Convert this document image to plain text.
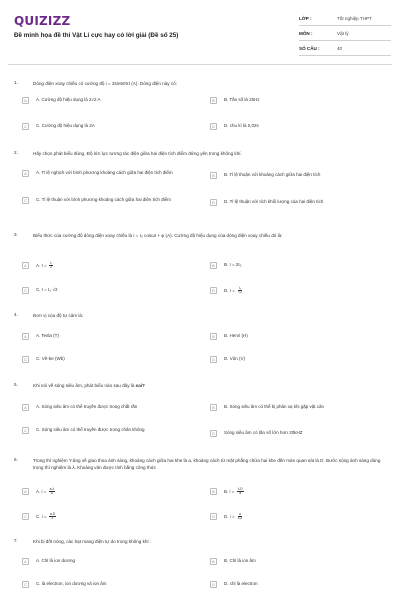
QUIZIZZ
Đề minh họa đề thi Vật Lí cực hay có lời giải (Đề số 25)
LỚP :	Tốt nghiệp THPT
MÔN :	Vật lý
SỐ CÂU :	40
1.	Dòng điện xoay chiều có cường độ i = 2sin50πt (A). Dòng điện này có:
A	A. Cường độ hiệu dụng là 2√2 A	B	B. Tần số là 25Hz
C	C. Cường độ hiệu dụng là 2A	D	D. chu kì là 0,02s
2.	Hãy chọn phát biểu đúng. Độ lớn lực tương tác điện giữa hai điện tích điểm đứng yên trong không khí.
A	A. Tỉ lệ nghịch với bình phương khoảng cách giữa hai điện tích điểm
B	B. Tỉ lệ thuận với khoảng cách giữa hai điện tích
C	C. Tỉ lệ thuận với bình phương khoảng cách giữa hai điện tích điểm
D	D. Tỉ lệ thuận với tích khối lượng của hai điện tích
3.	Biểu thức của cường độ dòng điện xoay chiều là i = I₀ cosωt + φ (A). Cường độ hiệu dụng của dòng điện xoay chiều đó là:
A	A. $I = \frac{\text{I₀}}{2}$	B	B. I = 2I₀
C	C. I = I₀ √2	D	D. $I = \frac{\text{I₀}}{√2}$
4.	Đơn vị của độ tự cảm là:
A	A. Tesla (T)	B	B. Henri (H)
C	C. Vê-be (Wb)	D	D. Vôn (V)
5.	Khi nói về sóng siêu âm, phát biểu nào sau đây là sai?
A	A. Sóng siêu âm có thể truyền được trong chất rắn	B	B. Sóng siêu âm có thể bị phản xạ khi gặp vật cản
C	C. Sóng siêu âm có thể truyền được trong chân không
D	Sóng siêu âm có tần số lớn hơn 20kHZ
6.	Trong thí nghiệm Y-âng về giao thoa ánh sáng, khoảng cách giữa hai khe là a, khoảng cách từ mặt phẳng chứa hai khe đến màn quan sát là D. Bước sóng ánh sáng dùng trong thí nghiệm là λ. Khoảng vân được tính bằng công thức
A	A. $i = \frac{a.\lambda}{D}$	B	B. $i = \frac{\lambda.D}{a}$
C	C. $i = \frac{a.D}{\lambda}$	D	D. $i = \frac{a}{\lambda D}$
7.	Khi bị đốt nóng, các hạt mang điện tự do trong không khí :
A	A. Chỉ là ion dương	B	B. Chỉ là ion âm
C	C. là electron, ion dương và ion âm	D	D. chỉ là electron
